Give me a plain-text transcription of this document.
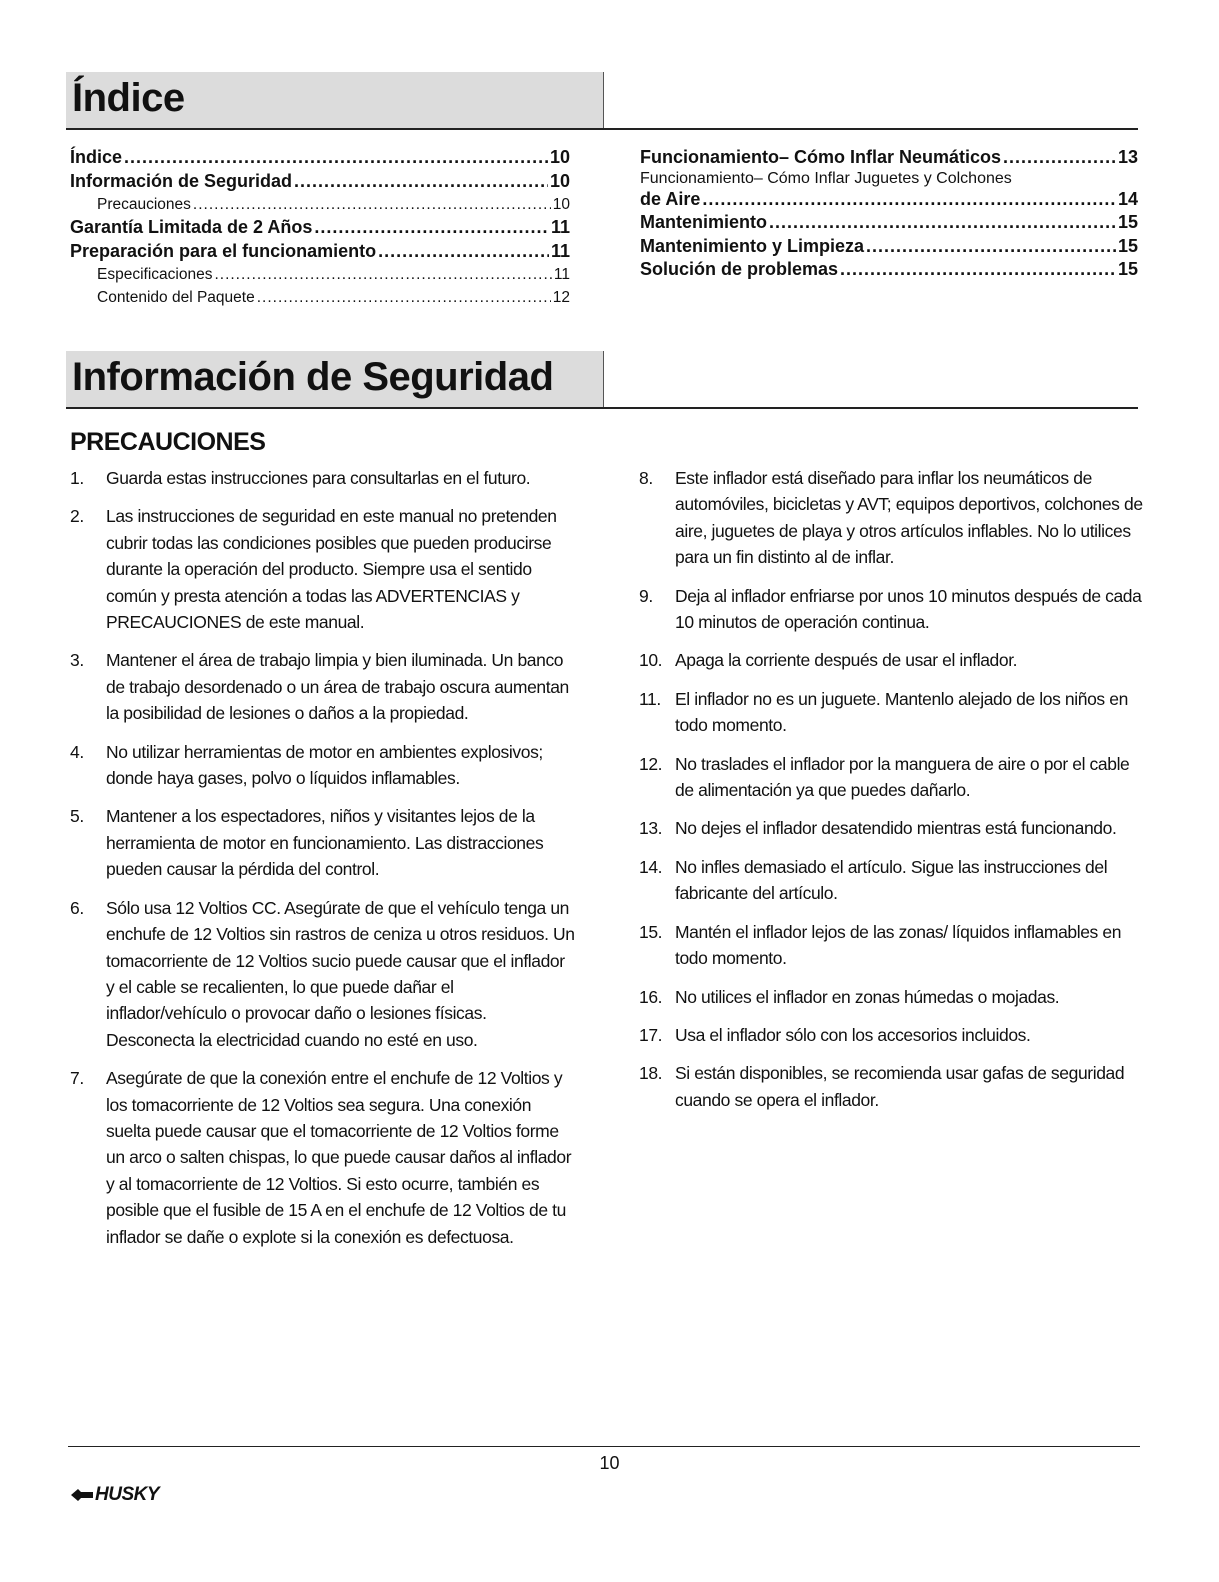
Índice
Índice .....	10
Información de Seguridad .....	10
Precauciones .....	10
Garantía Limitada de 2 Años .....	11
Preparación para el funcionamiento .....	11
Especificaciones .....	11
Contenido del Paquete .....	12
Funcionamiento– Cómo Inflar Neumáticos .....	13
Funcionamiento– Cómo Inflar Juguetes y Colchones
de Aire .....	14
Mantenimiento .....	15
Mantenimiento y Limpieza .....	15
Solución de problemas .....	15
Información de Seguridad
PRECAUCIONES
1.	Guarda estas instrucciones para consultarlas en el futuro.
2.	Las instrucciones de seguridad en este manual no pretenden cubrir todas las condiciones posibles que pueden producirse durante la operación del producto. Siempre usa el sentido común y presta atención a todas las ADVERTENCIAS y PRECAUCIONES de este manual.
3.	Mantener el área de trabajo limpia y bien iluminada. Un banco de trabajo desordenado o un área de trabajo oscura aumentan la posibilidad de lesiones o daños a la propiedad.
4.	No utilizar herramientas de motor en ambientes explosivos; donde haya gases, polvo o líquidos inflamables.
5.	Mantener a los espectadores, niños y visitantes lejos de la herramienta de motor en funcionamiento. Las distracciones pueden causar la pérdida del control.
6.	Sólo usa 12 Voltios CC. Asegúrate de que el vehículo tenga un enchufe de 12 Voltios sin rastros de ceniza u otros residuos. Un tomacorriente de 12 Voltios sucio puede causar que el inflador y el cable se recalienten, lo que puede dañar el inflador/vehículo o provocar daño o lesiones físicas. Desconecta la electricidad cuando no esté en uso.
7.	Asegúrate de que la conexión entre el enchufe de 12 Voltios y los tomacorriente de 12 Voltios sea segura. Una conexión suelta puede causar que el tomacorriente de 12 Voltios forme un arco o salten chispas, lo que puede causar daños al inflador y al tomacorriente de 12 Voltios. Si esto ocurre, también es posible que el fusible de 15 A en el enchufe de 12 Voltios de tu inflador se dañe o explote si la conexión es defectuosa.
8.	Este inflador está diseñado para inflar los neumáticos de automóviles, bicicletas y AVT; equipos deportivos, colchones de aire, juguetes de playa y otros artículos inflables. No lo utilices para un fin distinto al de inflar.
9.	Deja al inflador enfriarse por unos 10 minutos después de cada 10 minutos de operación continua.
10. Apaga la corriente después de usar el inflador.
11. El inflador no es un juguete. Mantenlo alejado de los niños en todo momento.
12. No traslades el inflador por la manguera de aire o por el cable de alimentación ya que puedes dañarlo.
13. No dejes el inflador desatendido mientras está funcionando.
14. No infles demasiado el artículo. Sigue las instrucciones del fabricante del artículo.
15. Mantén el inflador lejos de las zonas/ líquidos inflamables en todo momento.
16. No utilices el inflador en zonas húmedas o mojadas.
17. Usa el inflador sólo con los accesorios incluidos.
18. Si están disponibles, se recomienda usar gafas de seguridad cuando se opera el inflador.
10
HUSKY
